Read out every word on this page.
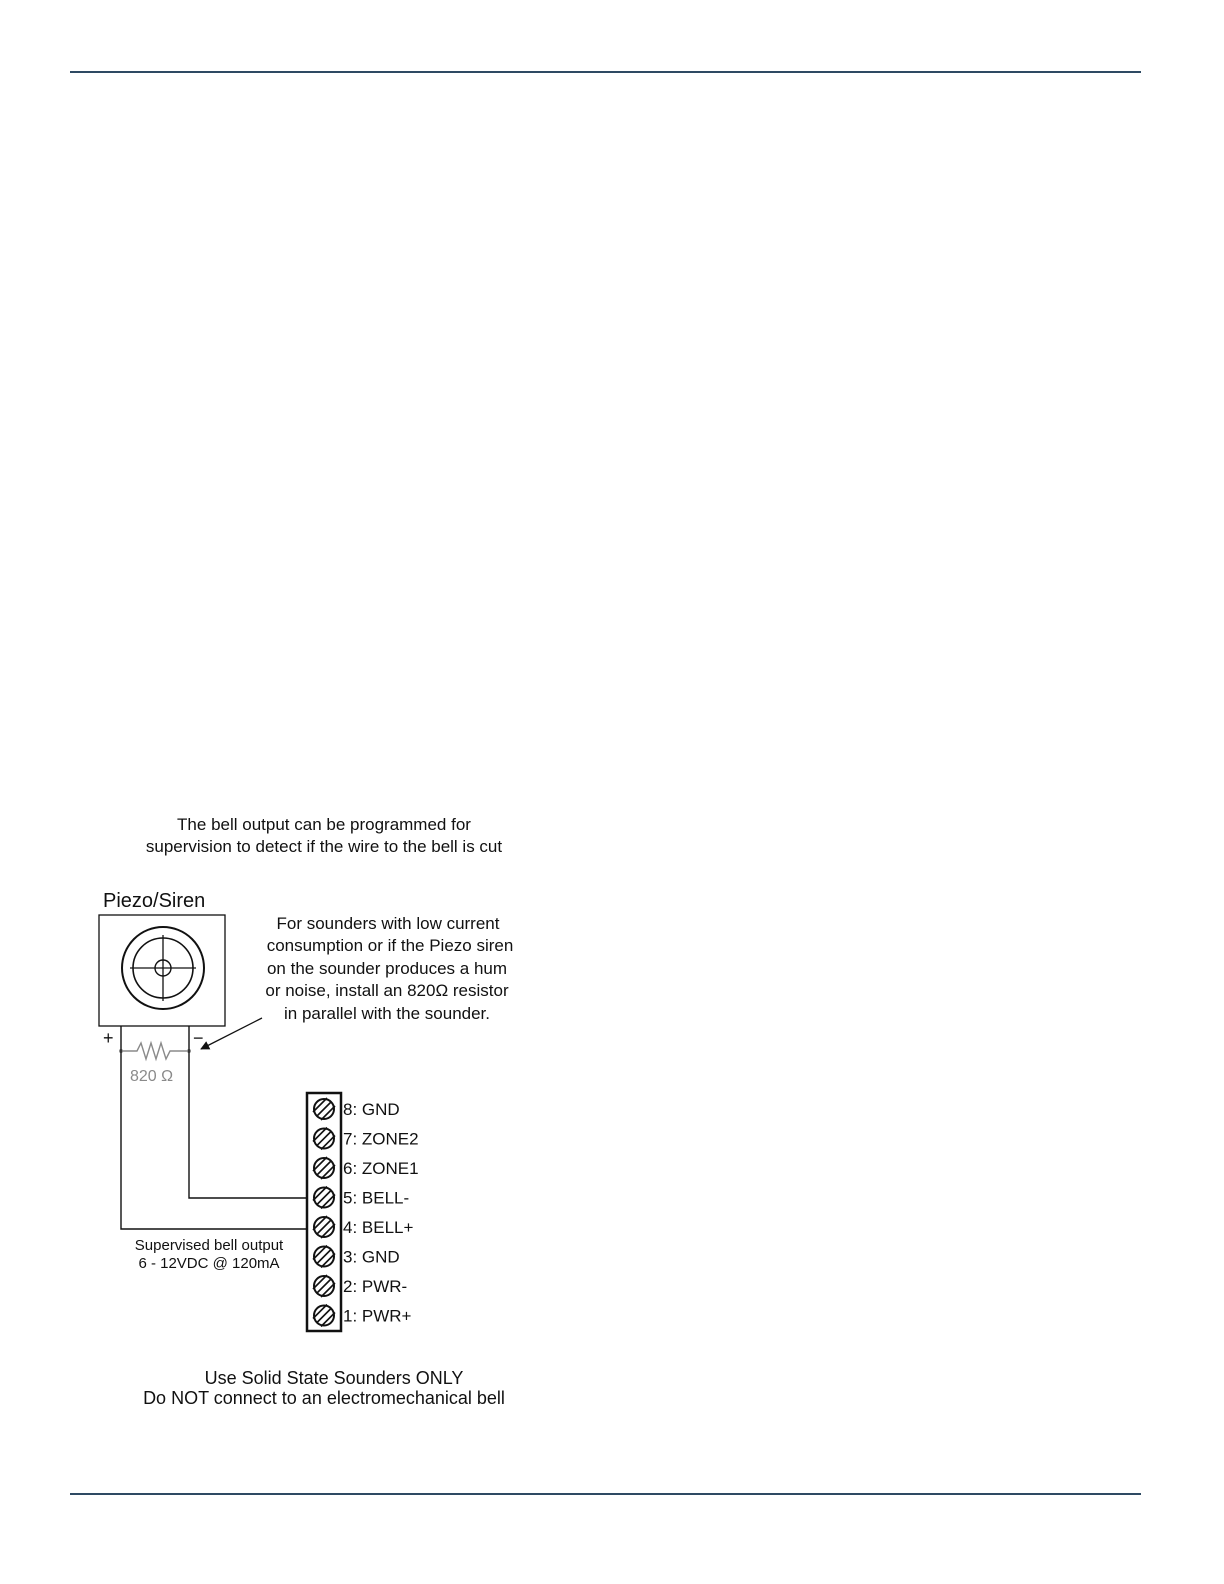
The bell output can be programmed for
supervision to detect if the wire to the bell is cut
Piezo/Siren
+	−
For sounders with low current
consumption or if the Piezo siren
on the sounder produces a hum
or noise, install an 820Ω resistor
in parallel with the sounder.
820 Ω
8: GND
7: ZONE2
6: ZONE1
5: BELL-
4: BELL+
3: GND
2: PWR-
1: PWR+
Supervised bell output
6 - 12VDC @ 120mA
Use Solid State Sounders ONLY
Do NOT connect to an electromechanical bell
